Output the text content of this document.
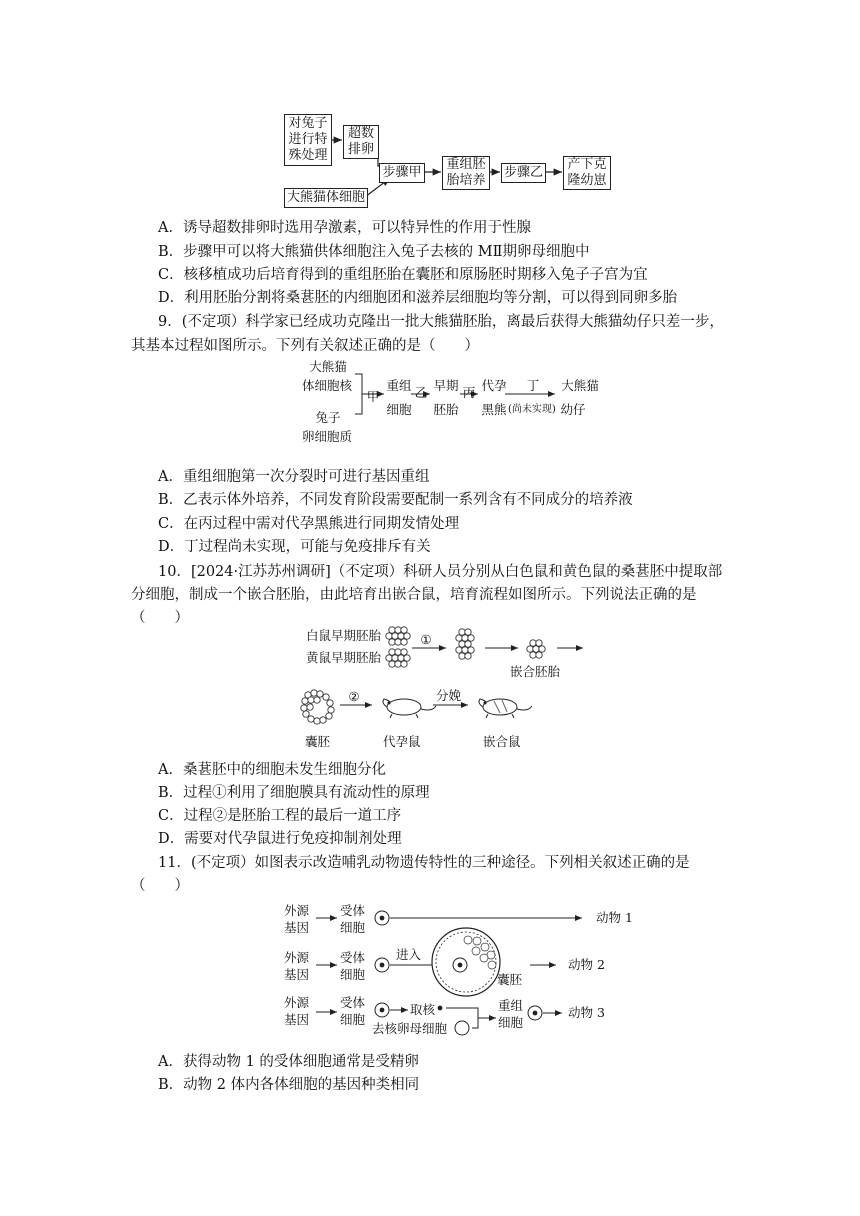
对兔子
进行特
殊处理
超数
排卵
大熊猫体细胞
步骤甲
重组胚
胎培养
步骤乙
产下克
隆幼崽
A．诱导超数排卵时选用孕激素，可以特异性的作用于性腺
B．步骤甲可以将大熊猫供体细胞注入兔子去核的 MⅡ期卵母细胞中
C．核移植成功后培育得到的重组胚胎在囊胚和原肠胚时期移入兔子子宫为宜
D．利用胚胎分割将桑葚胚的内细胞团和滋养层细胞均等分割，可以得到同卵多胎
9．(不定项）科学家已经成功克隆出一批大熊猫胚胎，离最后获得大熊猫幼仔只差一步，
其基本过程如图所示。下列有关叙述正确的是（　　）
大熊猫
体细胞核
兔子
卵细胞质
甲
重组
细胞
乙 早期
胚胎
丙 代孕
黑熊
丁
(尚未实现)
大熊猫
幼仔
A．重组细胞第一次分裂时可进行基因重组
B．乙表示体外培养，不同发育阶段需要配制一系列含有不同成分的培养液
C．在丙过程中需对代孕黑熊进行同期发情处理
D．丁过程尚未实现，可能与免疫排斥有关
10．[2024·江苏苏州调研]（不定项）科研人员分别从白色鼠和黄色鼠的桑葚胚中提取部
分细胞，制成一个嵌合胚胎，由此培育出嵌合鼠，培育流程如图所示。下列说法正确的是
（　　）
白鼠早期胚胎
黄鼠早期胚胎
①
嵌合胚胎
②	分娩
囊胚	代孕鼠	嵌合鼠
A．桑葚胚中的细胞未发生细胞分化
B．过程①利用了细胞膜具有流动性的原理
C．过程②是胚胎工程的最后一道工序
D．需要对代孕鼠进行免疫抑制剂处理
11．(不定项）如图表示改造哺乳动物遗传特性的三种途径。下列相关叙述正确的是
（　　）
外源
基因
受体
细胞
动物 1
外源
基因
受体
细胞
进入
囊胚
动物 2
外源
基因
受体
细胞
取核
去核卵母细胞
重组
细胞
动物 3
A．获得动物 1 的受体细胞通常是受精卵
B．动物 2 体内各体细胞的基因种类相同
